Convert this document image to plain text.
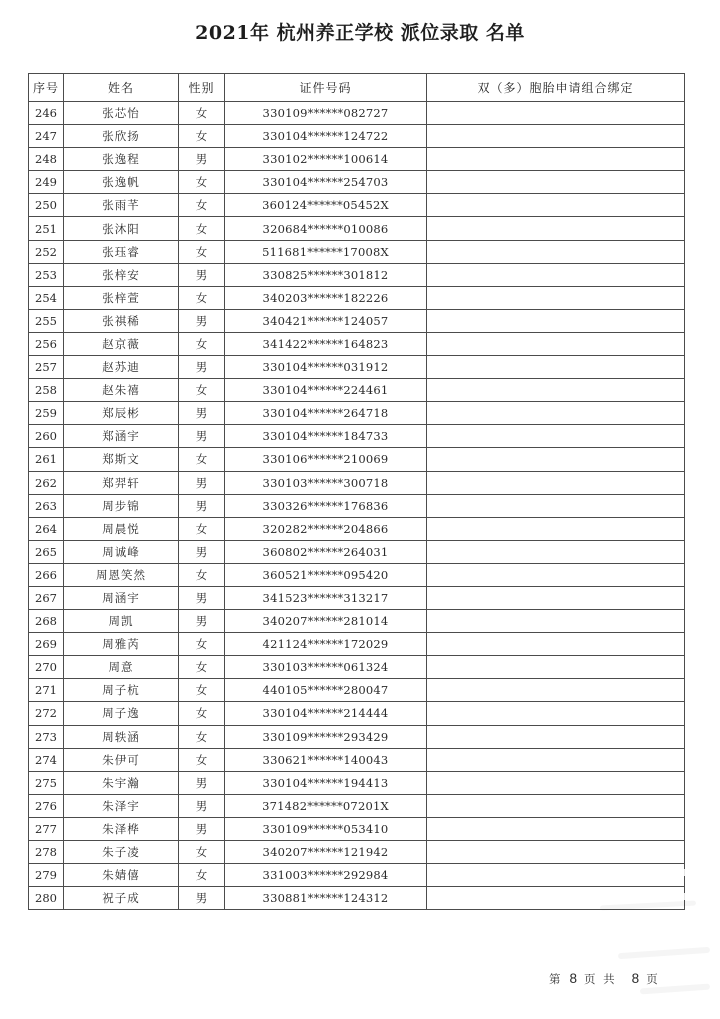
2021年 杭州养正学校 派位录取 名单
序号	姓名	性别	证件号码	双（多）胞胎申请组合绑定
246	张芯怡	女	330109******082727	
247	张欣扬	女	330104******124722	
248	张逸程	男	330102******100614	
249	张逸帆	女	330104******254703	
250	张雨芊	女	360124******05452X	
251	张沐阳	女	320684******010086	
252	张珏睿	女	511681******17008X	
253	张梓安	男	330825******301812	
254	张梓萱	女	340203******182226	
255	张祺稀	男	340421******124057	
256	赵京薇	女	341422******164823	
257	赵苏迪	男	330104******031912	
258	赵朱禧	女	330104******224461	
259	郑辰彬	男	330104******264718	
260	郑涵宇	男	330104******184733	
261	郑斯文	女	330106******210069	
262	郑羿轩	男	330103******300718	
263	周步锦	男	330326******176836	
264	周晨悦	女	320282******204866	
265	周诚峰	男	360802******264031	
266	周恩笑然	女	360521******095420	
267	周涵宇	男	341523******313217	
268	周凯	男	340207******281014	
269	周雅芮	女	421124******172029	
270	周意	女	330103******061324	
271	周子杭	女	440105******280047	
272	周子逸	女	330104******214444	
273	周轶涵	女	330109******293429	
274	朱伊可	女	330621******140043	
275	朱宇瀚	男	330104******194413	
276	朱泽宇	男	371482******07201X	
277	朱泽桦	男	330109******053410	
278	朱子凌	女	340207******121942	
279	朱婧僖	女	331003******292984	
280	祝子成	男	330881******124312	
第 8 页 共 8 页
